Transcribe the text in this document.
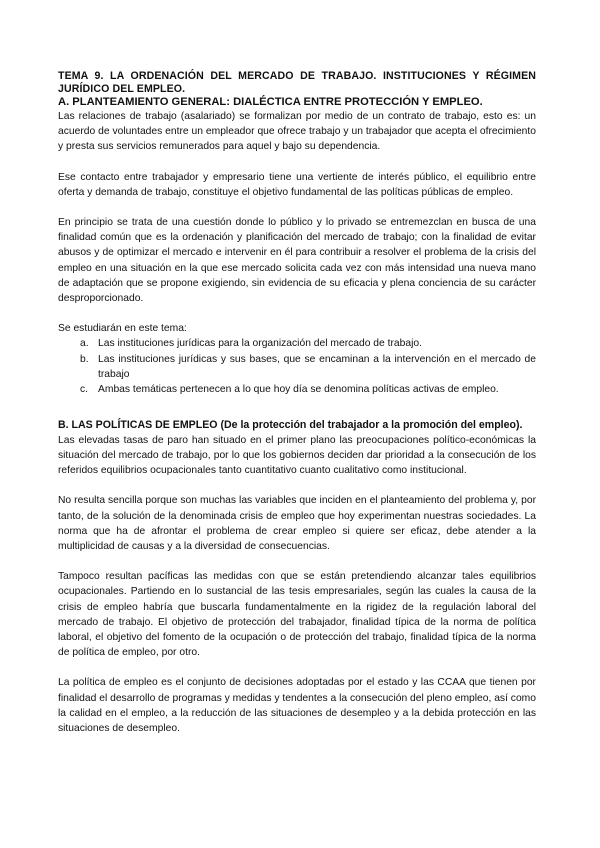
TEMA 9. LA ORDENACIÓN DEL MERCADO DE TRABAJO. INSTITUCIONES Y RÉGIMEN JURÍDICO DEL EMPLEO.
A. PLANTEAMIENTO GENERAL: DIALÉCTICA ENTRE PROTECCIÓN Y EMPLEO.

Las relaciones de trabajo (asalariado) se formalizan por medio de un contrato de trabajo, esto es: un acuerdo de voluntades entre un empleador que ofrece trabajo y un trabajador que acepta el ofrecimiento y presta sus servicios remunerados para aquel y bajo su dependencia.

Ese contacto entre trabajador y empresario tiene una vertiente de interés público, el equilibrio entre oferta y demanda de trabajo, constituye el objetivo fundamental de las políticas públicas de empleo.

En principio se trata de una cuestión donde lo público y lo privado se entremezclan en busca de una finalidad común que es la ordenación y planificación del mercado de trabajo; con la finalidad de evitar abusos y de optimizar el mercado e intervenir en él para contribuir a resolver el problema de la crisis del empleo en una situación en la que ese mercado solicita cada vez con más intensidad una nueva mano de adaptación que se propone exigiendo, sin evidencia de su eficacia y plena conciencia de su carácter desproporcionado.

Se estudiarán en este tema:

a. Las instituciones jurídicas para la organización del mercado de trabajo.
b. Las instituciones jurídicas y sus bases, que se encaminan a la intervención en el mercado de trabajo
c. Ambas temáticas pertenecen a lo que hoy día se denomina políticas activas de empleo.
B. LAS POLÍTICAS DE EMPLEO (De la protección del trabajador a la promoción del empleo).

Las elevadas tasas de paro han situado en el primer plano las preocupaciones político-económicas la situación del mercado de trabajo, por lo que los gobiernos deciden dar prioridad a la consecución de los referidos equilibrios ocupacionales tanto cuantitativo cuanto cualitativo como institucional.

No resulta sencilla porque son muchas las variables que inciden en el planteamiento del problema y, por tanto, de la solución de la denominada crisis de empleo que hoy experimentan nuestras sociedades. La norma que ha de afrontar el problema de crear empleo si quiere ser eficaz, debe atender a la multiplicidad de causas y a la diversidad de consecuencias.

Tampoco resultan pacíficas las medidas con que se están pretendiendo alcanzar tales equilibrios ocupacionales. Partiendo en lo sustancial de las tesis empresariales, según las cuales la causa de la crisis de empleo habría que buscarla fundamentalmente en la rigidez de la regulación laboral del mercado de trabajo. El objetivo de protección del trabajador, finalidad típica de la norma de política laboral, el objetivo del fomento de la ocupación o de protección del trabajo, finalidad típica de la norma de política de empleo, por otro.

La política de empleo es el conjunto de decisiones adoptadas por el estado y las CCAA que tienen por finalidad el desarrollo de programas y medidas y tendentes a la consecución del pleno empleo, así como la calidad en el empleo, a la reducción de las situaciones de desempleo y a la debida protección en las situaciones de desempleo.
